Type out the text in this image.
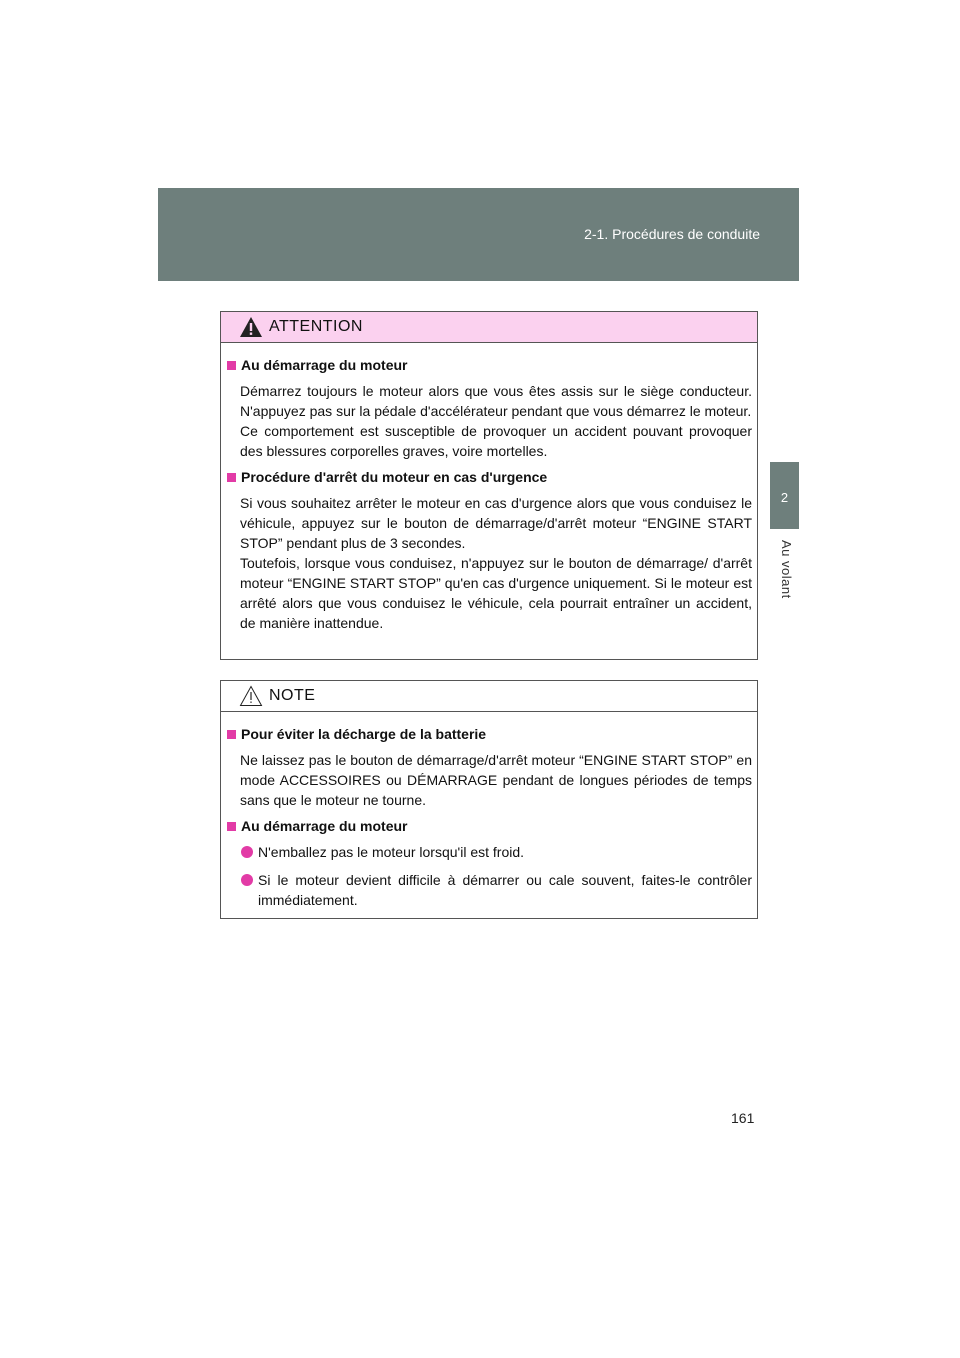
2-1. Procédures de conduite
2
Au volant
ATTENTION
Au démarrage du moteur
Démarrez toujours le moteur alors que vous êtes assis sur le siège conducteur. N'appuyez pas sur la pédale d'accélérateur pendant que vous démarrez le moteur.
Ce comportement est susceptible de provoquer un accident pouvant provoquer des blessures corporelles graves, voire mortelles.
Procédure d'arrêt du moteur en cas d'urgence
Si vous souhaitez arrêter le moteur en cas d'urgence alors que vous conduisez le véhicule, appuyez sur le bouton de démarrage/d'arrêt moteur “ENGINE START STOP” pendant plus de 3 secondes.
Toutefois, lorsque vous conduisez, n'appuyez sur le bouton de démarrage/ d'arrêt moteur “ENGINE START STOP” qu'en cas d'urgence uniquement. Si le moteur est arrêté alors que vous conduisez le véhicule, cela pourrait entraîner un accident, de manière inattendue.
NOTE
Pour éviter la décharge de la batterie
Ne laissez pas le bouton de démarrage/d'arrêt moteur “ENGINE START STOP” en mode ACCESSOIRES ou DÉMARRAGE pendant de longues périodes de temps sans que le moteur ne tourne.
Au démarrage du moteur
N'emballez pas le moteur lorsqu'il est froid.
Si le moteur devient difficile à démarrer ou cale souvent, faites-le contrôler immédiatement.
161
